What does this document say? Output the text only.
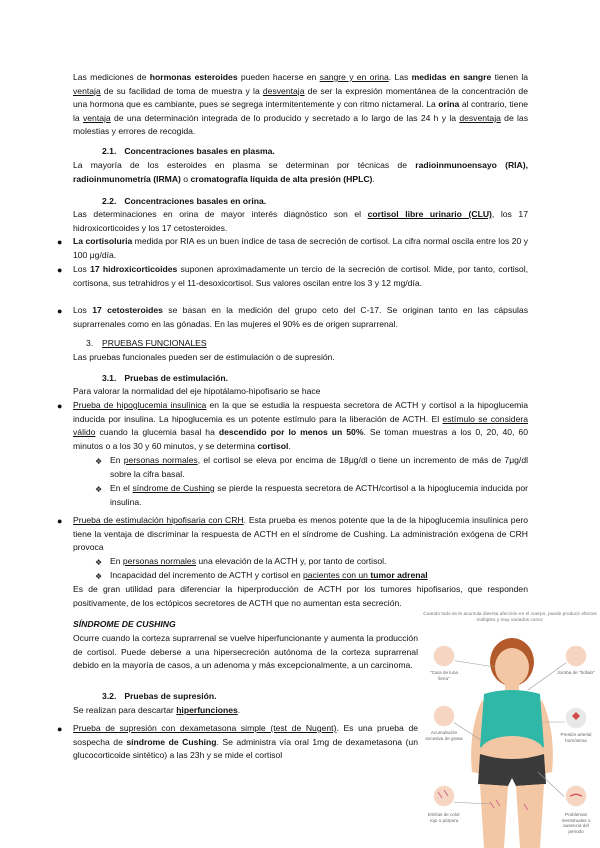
Las mediciones de hormonas esteroides pueden hacerse en sangre y en orina. Las medidas en sangre tienen la ventaja de su facilidad de toma de muestra y la desventaja de ser la expresión momentánea de la concentración de una hormona que es cambiante, pues se segrega intermitentemente y con ritmo nictameral. La orina al contrario, tiene la ventaja de una determinación integrada de lo producido y secretado a lo largo de las 24 h y la desventaja de las molestias y errores de recogida.

2.1. Concentraciones basales en plasma.

La mayoría de los esteroides en plasma se determinan por técnicas de radioinmunoensayo (RIA), radioinmunometría (IRMA) o cromatografía líquida de alta presión (HPLC).

2.2. Concentraciones basales en orina.

Las determinaciones en orina de mayor interés diagnóstico son el cortisol libre urinario (CLU), los 17 hidroxicorticoides y los 17 cetosteroides.

● La cortisoluria medida por RIA es un buen índice de tasa de secreción de cortisol. La cifra normal oscila entre los 20 y 100 μg/día.

● Los 17 hidroxicorticoides suponen aproximadamente un tercio de la secreción de cortisol. Mide, por tanto, cortisol, cortisona, sus tetrahidros y el 11-desoxicortisol. Sus valores oscilan entre los 3 y 12 mg/día.

● Los 17 cetosteroides se basan en la medición del grupo ceto del C-17. Se originan tanto en las cápsulas suprarrenales como en las gónadas. En las mujeres el 90% es de origen suprarrenal.

3. PRUEBAS FUNCIONALES

Las pruebas funcionales pueden ser de estimulación o de supresión.

3.1. Pruebas de estimulación.

Para valorar la normalidad del eje hipotálamo-hipofisario se hace

● Prueba de hipoglucemia insulínica en la que se estudia la respuesta secretora de ACTH y cortisol a la hipoglucemia inducida por insulina. La hipoglucemia es un potente estímulo para la liberación de ACTH. El estímulo se considera válido cuando la glucemia basal ha descendido por lo menos un 50%. Se toman muestras a los 0, 20, 40, 60 minutos o a los 30 y 60 minutos, y se determina cortisol.

❖ En personas normales, el cortisol se eleva por encima de 18μg/dl o tiene un incremento de más de 7μg/dl sobre la cifra basal.

❖ En el síndrome de Cushing se pierde la respuesta secretora de ACTH/cortisol a la hipoglucemia inducida por insulina.

● Prueba de estimulación hipofisaria con CRH. Esta prueba es menos potente que la de la hipoglucemia insulínica pero tiene la ventaja de discriminar la respuesta de ACTH en el síndrome de Cushing. La administración exógena de CRH provoca

❖ En personas normales una elevación de la ACTH y, por tanto de cortisol.

❖ Incapacidad del incremento de ACTH y cortisol en pacientes con un tumor adrenal

Es de gran utilidad para diferenciar la hiperproducción de ACTH por los tumores hipofisarios, que responden positivamente, de los ectópicos secretores de ACTH que no aumentan esta secreción.

SÍNDROME DE CUSHING

Ocurre cuando la corteza suprarrenal se vuelve hiperfuncionante y aumenta la producción de cortisol. Puede deberse a una hipersecreción autónoma de la corteza suprarrenal debido en la mayoría de casos, a un adenoma y más excepcionalmente, a un carcinoma.

3.2. Pruebas de supresión.

Se realizan para descartar hiperfunciones.

● Prueba de supresión con dexametasona simple (test de Nugent). Es una prueba de sospecha de síndrome de Cushing. Se administra vía oral 1mg de dexametasona (un glucocorticoide sintético) a las 23h y se mide el cortisol

Cuando todo se le acumula diversa afección en el cuerpo, puede producir efectos múltiples y muy variados como:
"Cara de luna llena"
Joroba de "búfalo"
Acumulación excesiva de grasa
Presión arterial homónima
Estrías de color rojo o púrpura
Problemas menstruales o ausencia del periodo
